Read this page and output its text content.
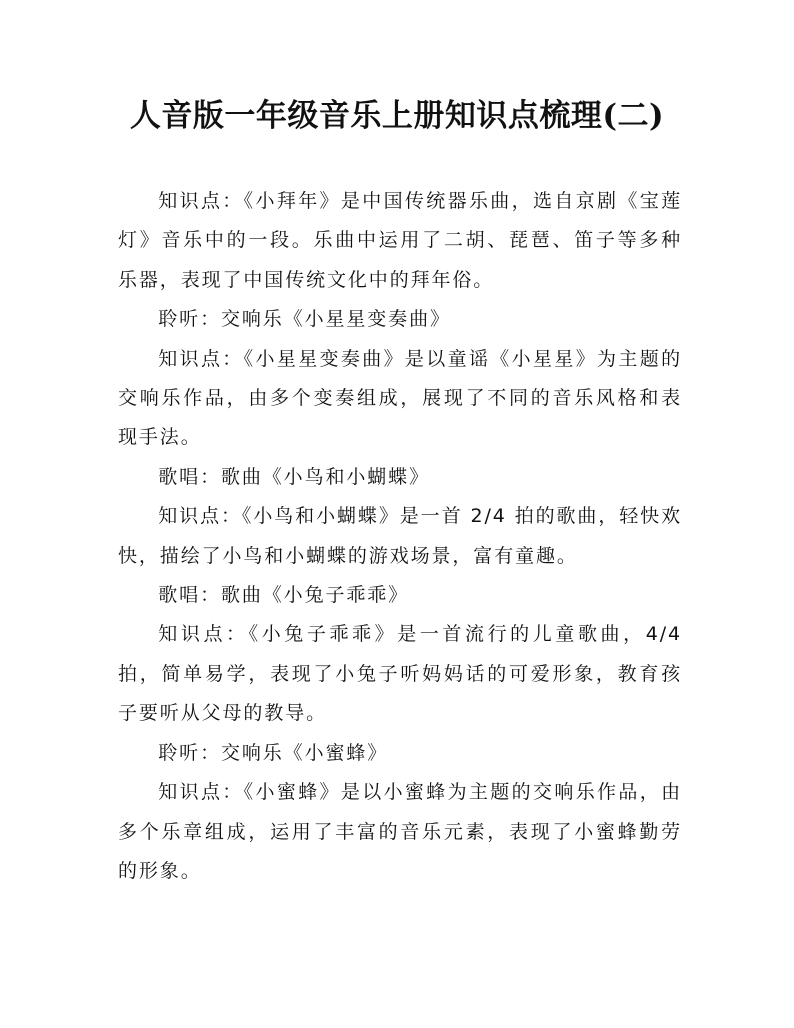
人音版一年级音乐上册知识点梳理(二)

知识点：《小拜年》是中国传统器乐曲，选自京剧《宝莲灯》音乐中的一段。乐曲中运用了二胡、琵琶、笛子等多种乐器，表现了中国传统文化中的拜年俗。

聆听：交响乐《小星星变奏曲》

知识点：《小星星变奏曲》是以童谣《小星星》为主题的交响乐作品，由多个变奏组成，展现了不同的音乐风格和表现手法。

歌唱：歌曲《小鸟和小蝴蝶》

知识点：《小鸟和小蝴蝶》是一首 2/4 拍的歌曲，轻快欢快，描绘了小鸟和小蝴蝶的游戏场景，富有童趣。

歌唱：歌曲《小兔子乖乖》

知识点：《小兔子乖乖》是一首流行的儿童歌曲，4/4 拍，简单易学，表现了小兔子听妈妈话的可爱形象，教育孩子要听从父母的教导。

聆听：交响乐《小蜜蜂》

知识点：《小蜜蜂》是以小蜜蜂为主题的交响乐作品，由多个乐章组成，运用了丰富的音乐元素，表现了小蜜蜂勤劳的形象。
